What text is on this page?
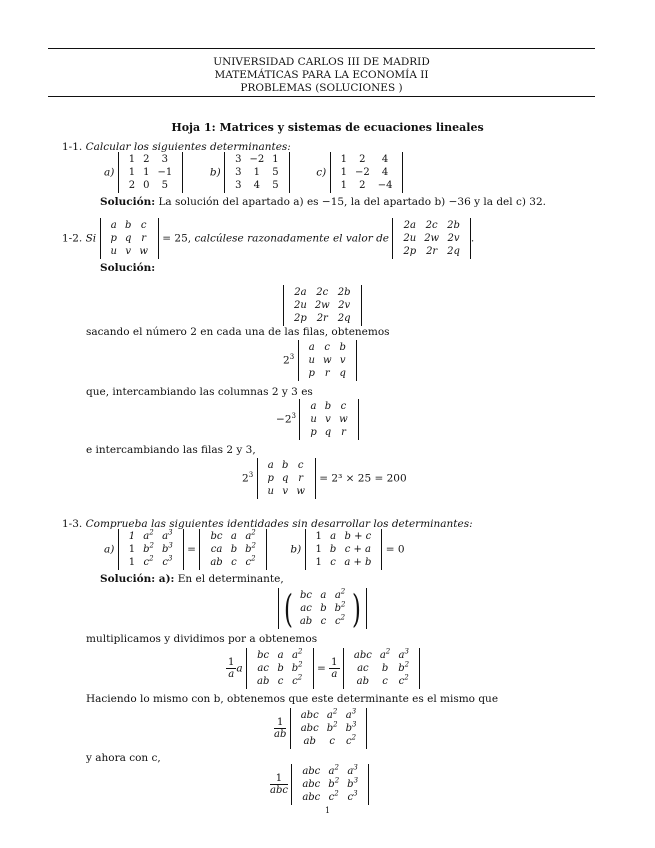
UNIVERSIDAD CARLOS III DE MADRID
MATEMÁTICAS PARA LA ECONOMÍA II
PROBLEMAS (SOLUCIONES )
Hoja 1: Matrices y sistemas de ecuaciones lineales
1-1. Calcular los siguientes determinantes:
a)
1	2	3
1	1	−1
2	0	5
b)
3	−2	1
3	1	5
3	4	5
c)
1	2	4
1	−2	4
1	2	−4
Solución: La solución del apartado a) es −15, la del apartado b) −36 y la del c) 32.
1-2. Si
a	b	c
p	q	r
u	v	w
= 25, calcúlese razonadamente el valor de
2a	2c	2b
2u	2w	2v
2p	2r	2q
.
Solución:
2a	2c	2b
2u	2w	2v
2p	2r	2q
sacando el número 2 en cada una de las filas, obtenemos
$2^3$
a	c	b
u	w	v
p	r	q
que, intercambiando las columnas 2 y 3 es
$-2^3$
a	b	c
u	v	w
p	q	r
e intercambiando las filas 2 y 3,
$2^3$
a	b	c
p	q	r
u	v	w
= 2³ × 25 = 200
1-3. Comprueba las siguientes identidades sin desarrollar los determinantes:
a)
1	$a^2$	$a^3$
1	$b^2$	$b^3$
1	$c^2$	$c^3$
=
bc	a	$a^2$
ca	b	$b^2$
ab	c	$c^2$
b)
1	a	b + c
1	b	c + a
1	c	a + b
= 0
Solución: a): En el determinante,
( bc	a	$a^2$
ac	b	$b^2$
ab	c	$c^2$ )
multiplicamos y dividimos por a obtenemos
$\frac{1}{a}$ a
bc	a	$a^2$
ac	b	$b^2$
ab	c	$c^2$
= $\frac{1}{a}$

abc	$a^2$	$a^3$
ac	b	$b^2$
ab	c	$c^2$
Haciendo lo mismo con b, obtenemos que este determinante es el mismo que
$\frac{1}{ab}$

abc	$a^2$	$a^3$
abc	$b^2$	$b^3$
ab	c	$c^2$
y ahora con c,
$\frac{1}{\text{abc}}$

abc	$a^2$	$a^3$
abc	$b^2$	$b^3$
abc	$c^2$	$c^3$
1
